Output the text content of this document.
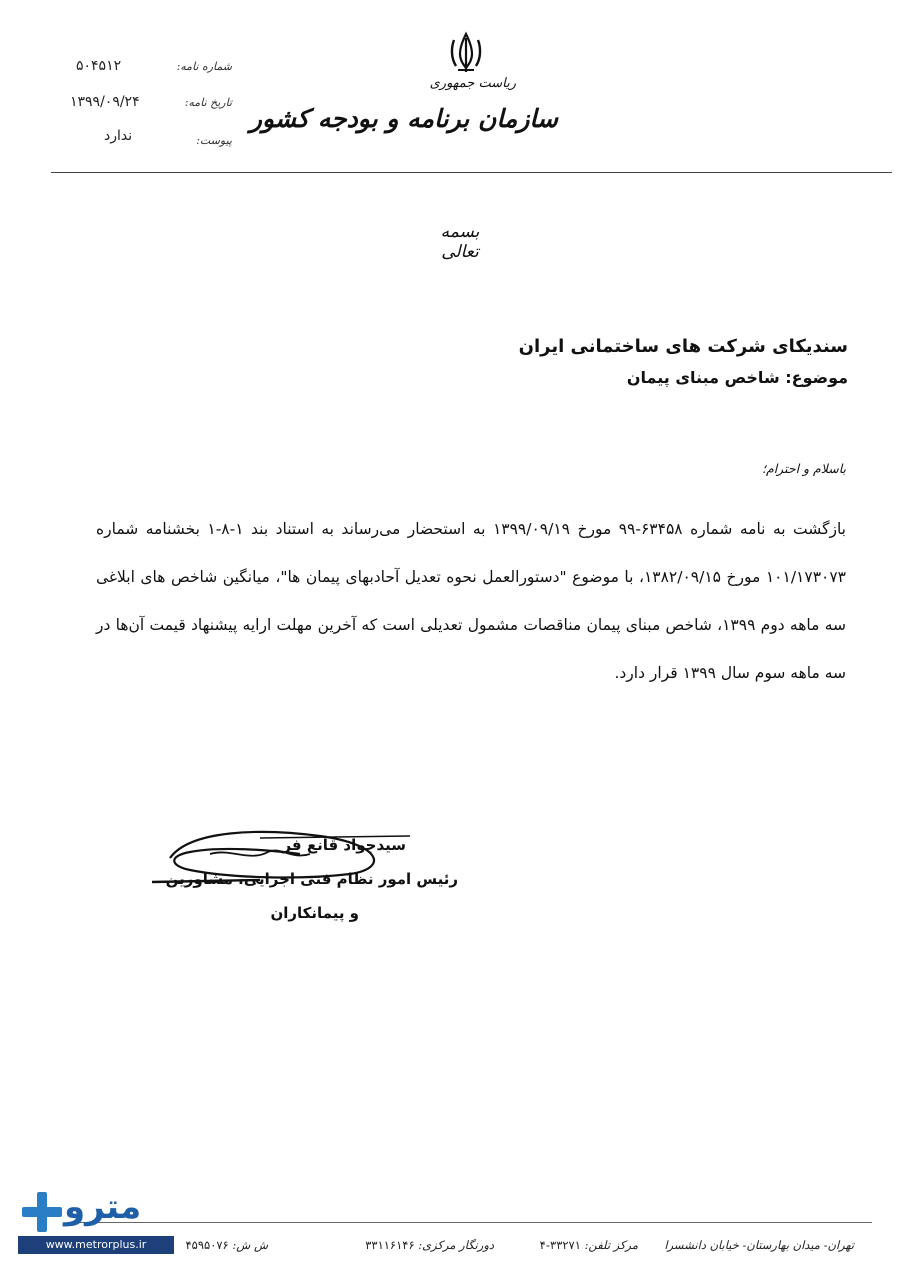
ریاست جمهوری
سازمان برنامه و بودجه کشور
شماره نامه:
۵۰۴۵۱۲
تاریخ نامه:
۱۳۹۹/۰۹/۲۴
پیوست:
ندارد
بسمه تعالی
سندیکای شرکت های ساختمانی ایران
موضوع: شاخص مبنای پیمان
باسلام و احترام؛
بازگشت به نامه شماره ۶۳۴۵۸-۹۹ مورخ ۱۳۹۹/۰۹/۱۹ به استحضار می‌رساند به استناد بند ۱-۸-۱ بخشنامه شماره ۱۰۱/۱۷۳۰۷۳ مورخ ۱۳۸۲/۰۹/۱۵، با موضوع "دستورالعمل نحوه تعدیل آحادبهای پیمان ها"، میانگین شاخص های ابلاغی سه ماهه دوم ۱۳۹۹، شاخص مبنای پیمان مناقصات مشمول تعدیلی است که آخرین مهلت ارایه پیشنهاد قیمت آن‌ها در سه ماهه سوم سال ۱۳۹۹ قرار دارد.
سیدجواد قانع فر
رئیس امور نظام فنی اجرایی، مشاورین
و پیمانکاران
تهران- میدان بهارستان- خیابان دانشسرا
مرکز تلفن: ۳۳۲۷۱-۴
دورنگار مرکزی: ۳۳۱۱۶۱۴۶
ش ش: ۴۵۹۵۰۷۶
مترو
www.metrorplus.ir
